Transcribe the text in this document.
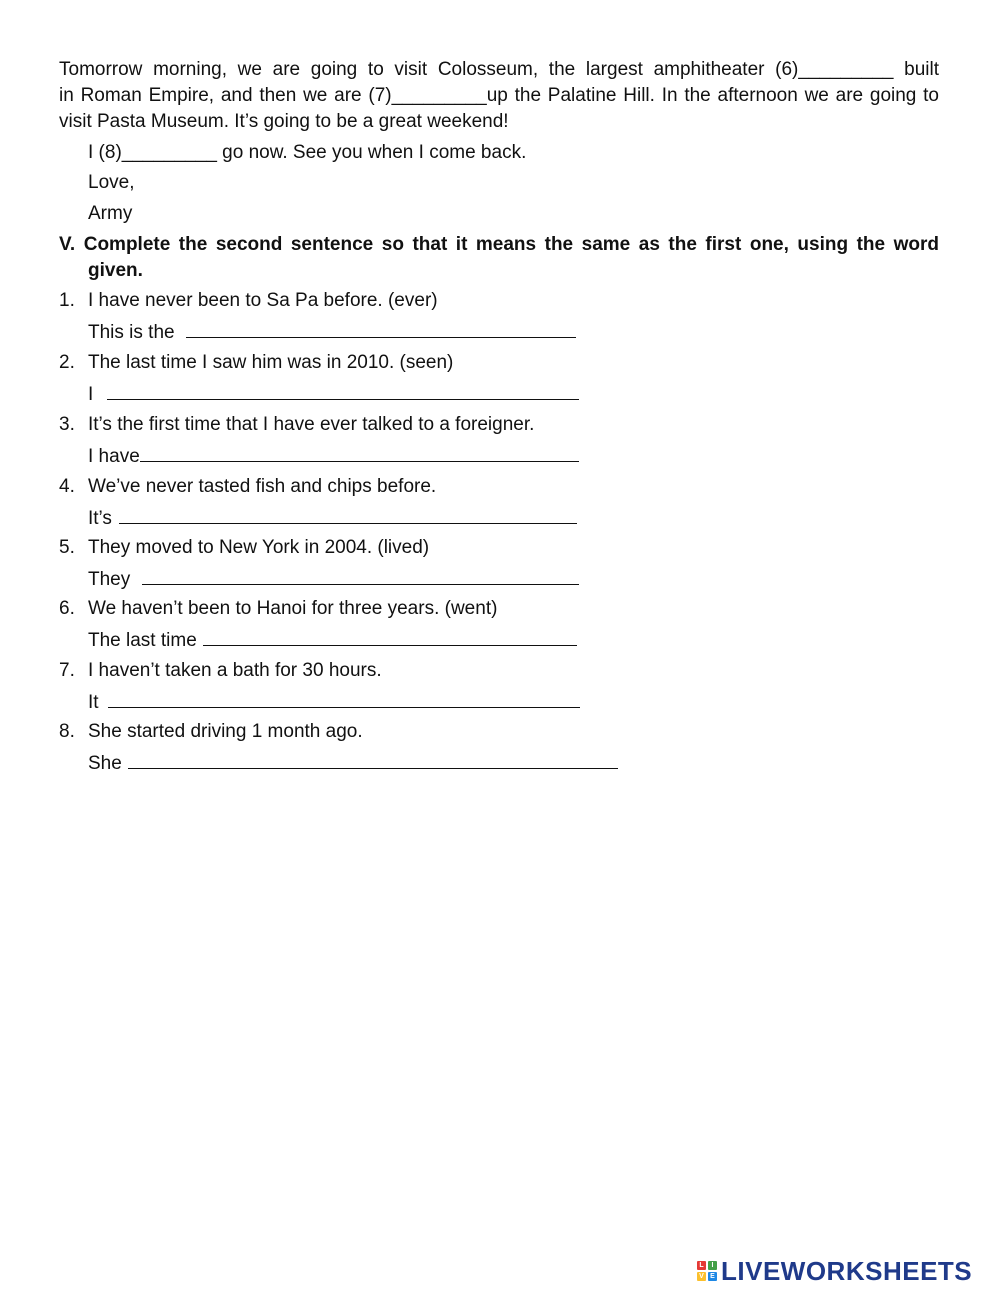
Tomorrow morning, we are going to visit Colosseum, the largest amphitheater (6)_________ built
in Roman Empire, and then we are (7)_________up the Palatine Hill. In the afternoon we are going to
visit Pasta Museum. It’s going to be a great weekend!
I (8)_________ go now. See you when I come back.
Love,
Army
V. Complete the second sentence so that it means the same as the first one, using the word
given.
1. I have never been to Sa Pa before. (ever)
This is the
2. The last time I saw him was in 2010. (seen)
I
3. It’s the first time that I have ever talked to a foreigner.
I have
4. We’ve never tasted fish and chips before.
It’s
5. They moved to New York in 2004. (lived)
They
6. We haven’t been to Hanoi for three years. (went)
The last time
7. I haven’t taken a bath for 30 hours.
It
8. She started driving 1 month ago.
She
L	I
V E LIVEWORKSHEETS
